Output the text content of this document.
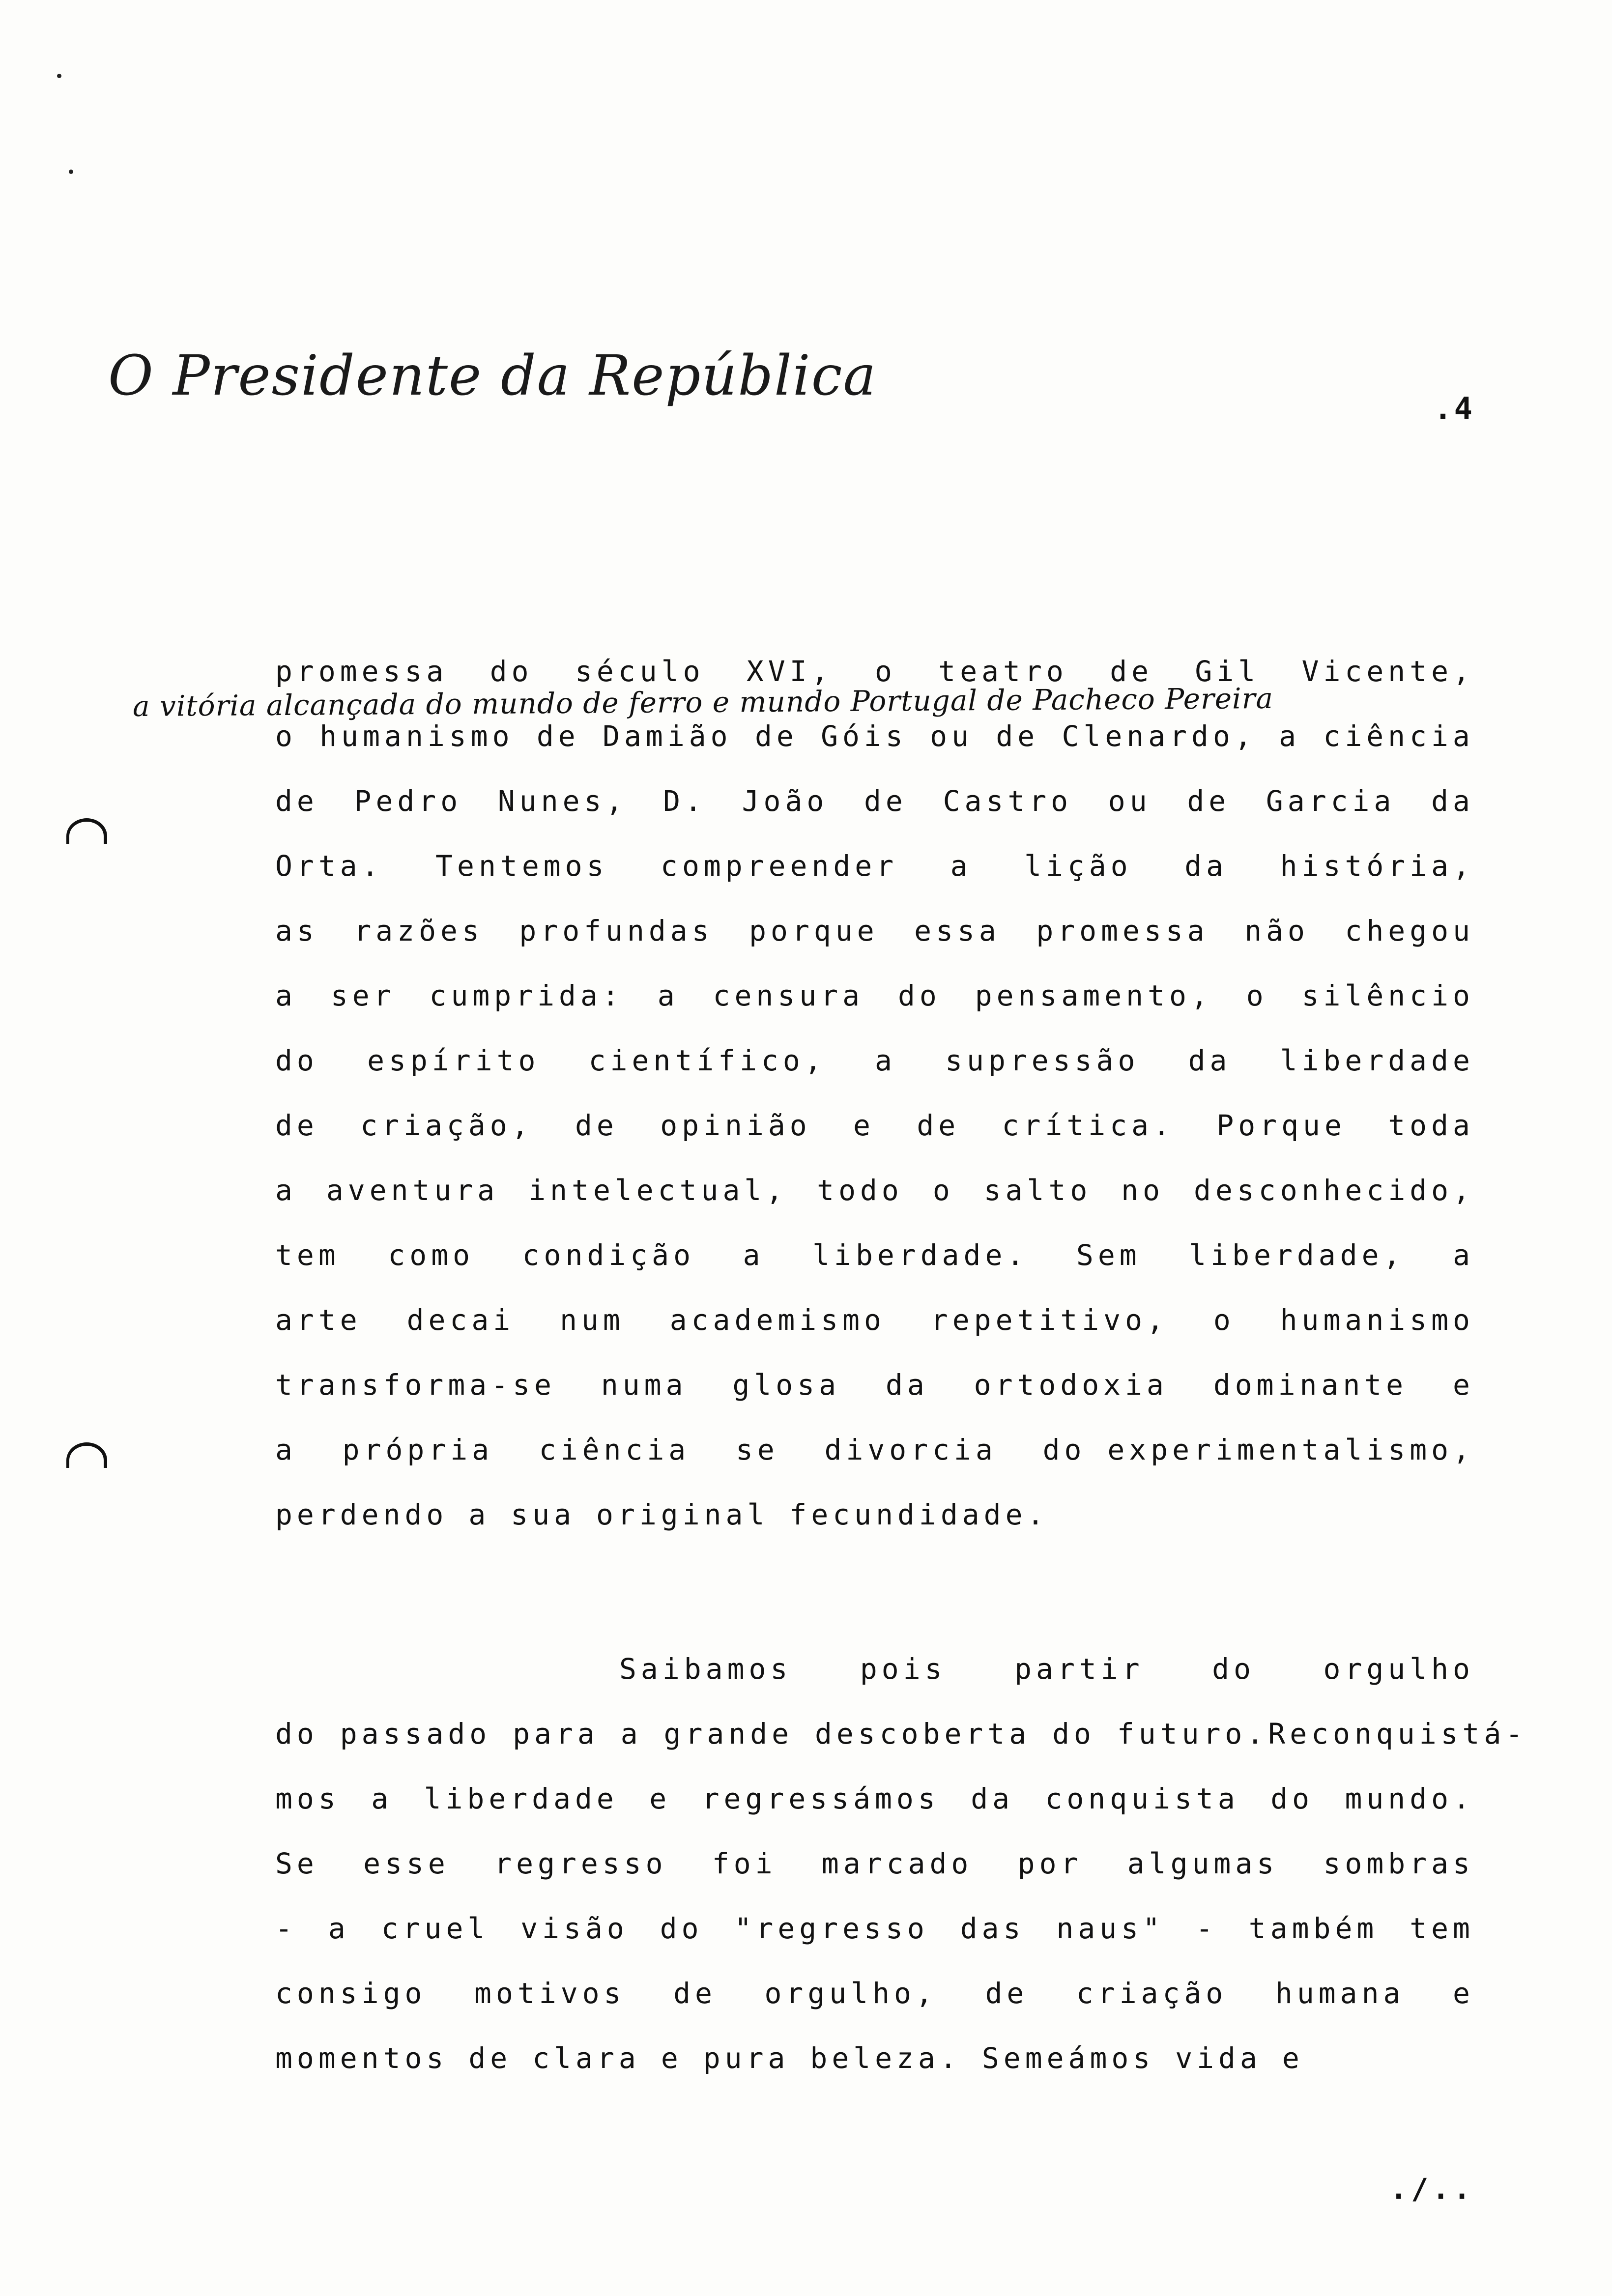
O Presidente da República
.4
a vitória alcançada do mundo de ferro e mundo Portugal de Pacheco Pereira
promessa do século XVI, o teatro de Gil Vicente,
o humanismo de Damião de Góis ou de Clenardo, a ciência
de Pedro Nunes, D. João de Castro ou de Garcia da
Orta. Tentemos compreender a lição da história,
as razões profundas porque essa promessa não chegou
a ser cumprida: a censura do pensamento, o silêncio
do espírito científico, a supressão da liberdade
de criação, de opinião e de crítica. Porque toda
a aventura intelectual, todo o salto no desconhecido,
tem como condição a liberdade. Sem liberdade, a
arte decai num academismo repetitivo, o humanismo
transforma-se numa glosa da ortodoxia dominante e
a própria ciência se divorcia do experimentalismo,
perdendo a sua original fecundidade.
Saibamos pois partir do orgulho
do passado para a grande descoberta do futuro. Reconquistá-
mos a liberdade e regressámos da conquista do mundo.
Se esse regresso foi marcado por algumas sombras
- a cruel visão do "regresso das naus" - também tem
consigo motivos de orgulho, de criação humana e
momentos de clara e pura beleza. Semeámos vida e
./..
